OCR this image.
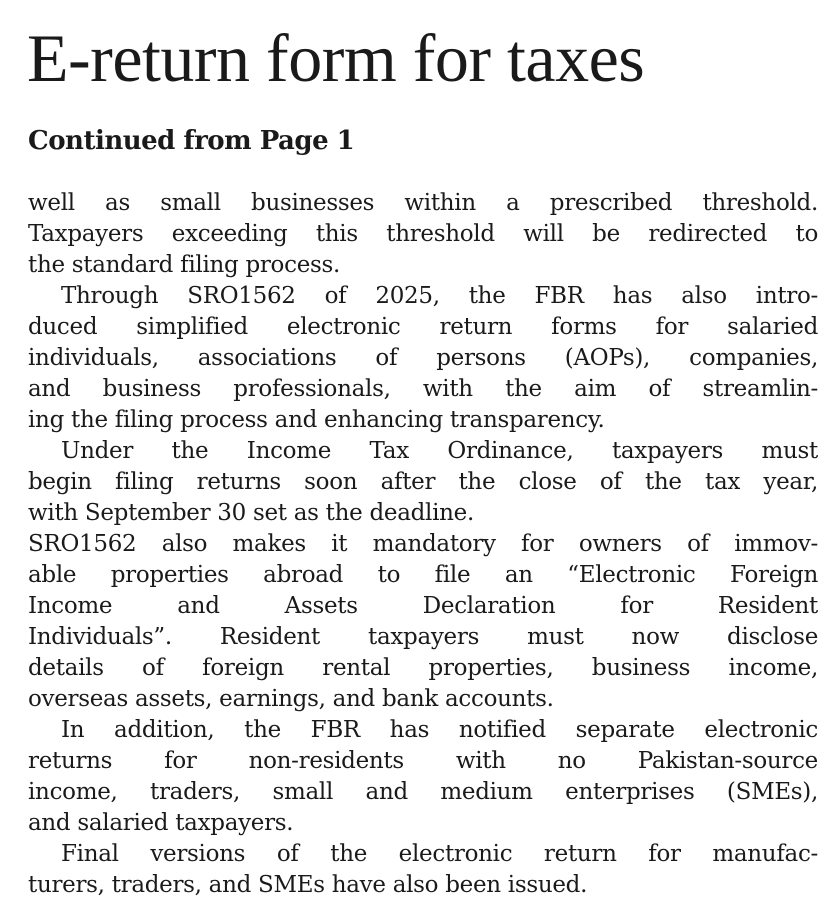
E-return form for taxes
Continued from Page 1

well as small businesses within a prescribed threshold.
Taxpayers exceeding this threshold will be redirected to
the standard filing process.

Through SRO1562 of 2025, the FBR has also intro-
duced simplified electronic return forms for salaried
individuals, associations of persons (AOPs), companies,
and business professionals, with the aim of streamlin-
ing the filing process and enhancing transparency.

Under the Income Tax Ordinance, taxpayers must
begin filing returns soon after the close of the tax year,
with September 30 set as the deadline.

SRO1562 also makes it mandatory for owners of immov-
able properties abroad to file an “Electronic Foreign
Income and Assets Declaration for Resident
Individuals”. Resident taxpayers must now disclose
details of foreign rental properties, business income,
overseas assets, earnings, and bank accounts.

In addition, the FBR has notified separate electronic
returns for non-residents with no Pakistan-source
income, traders, small and medium enterprises (SMEs),
and salaried taxpayers.

Final versions of the electronic return for manufac-
turers, traders, and SMEs have also been issued.
